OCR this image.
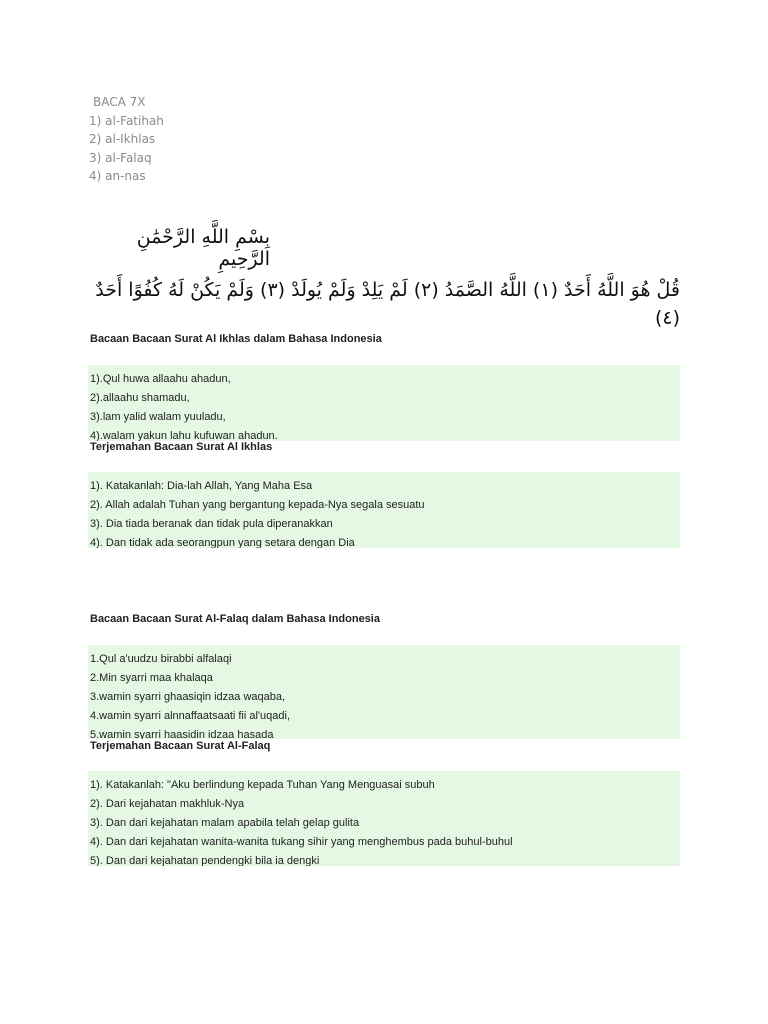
BACA 7X
1) al-Fatihah
2) al-Ikhlas
3) al-Falaq
4) an-nas
بِسْمِ اللَّهِ الرَّحْمَٰنِ الرَّحِيمِ
قُلْ هُوَ اللَّهُ أَحَدٌ (١) اللَّهُ الصَّمَدُ (٢) لَمْ يَلِدْ وَلَمْ يُولَدْ (٣) وَلَمْ يَكُنْ لَهُ كُفُوًا أَحَدٌ (٤)
Bacaan Bacaan Surat Al Ikhlas dalam Bahasa Indonesia
1).Qul huwa allaahu ahadun,
2).allaahu shamadu,
3).lam yalid walam yuuladu,
4).walam yakun lahu kufuwan ahadun.
Terjemahan Bacaan Surat Al Ikhlas
1). Katakanlah: Dia-lah Allah, Yang Maha Esa
2). Allah adalah Tuhan yang bergantung kepada-Nya segala sesuatu
3). Dia tiada beranak dan tidak pula diperanakkan
4). Dan tidak ada seorangpun yang setara dengan Dia
Bacaan Bacaan Surat Al-Falaq dalam Bahasa Indonesia
1.Qul a'uudzu birabbi alfalaqi
2.Min syarri maa khalaqa
3.wamin syarri ghaasiqin idzaa waqaba,
4.wamin syarri alnnaffaatsaati fii al'uqadi,
5.wamin syarri haasidin idzaa hasada
Terjemahan Bacaan Surat Al-Falaq
1). Katakanlah: "Aku berlindung kepada Tuhan Yang Menguasai subuh
2). Dari kejahatan makhluk-Nya
3). Dan dari kejahatan malam apabila telah gelap gulita
4). Dan dari kejahatan wanita-wanita tukang sihir yang menghembus pada buhul-buhul
5). Dan dari kejahatan pendengki bila ia dengki
